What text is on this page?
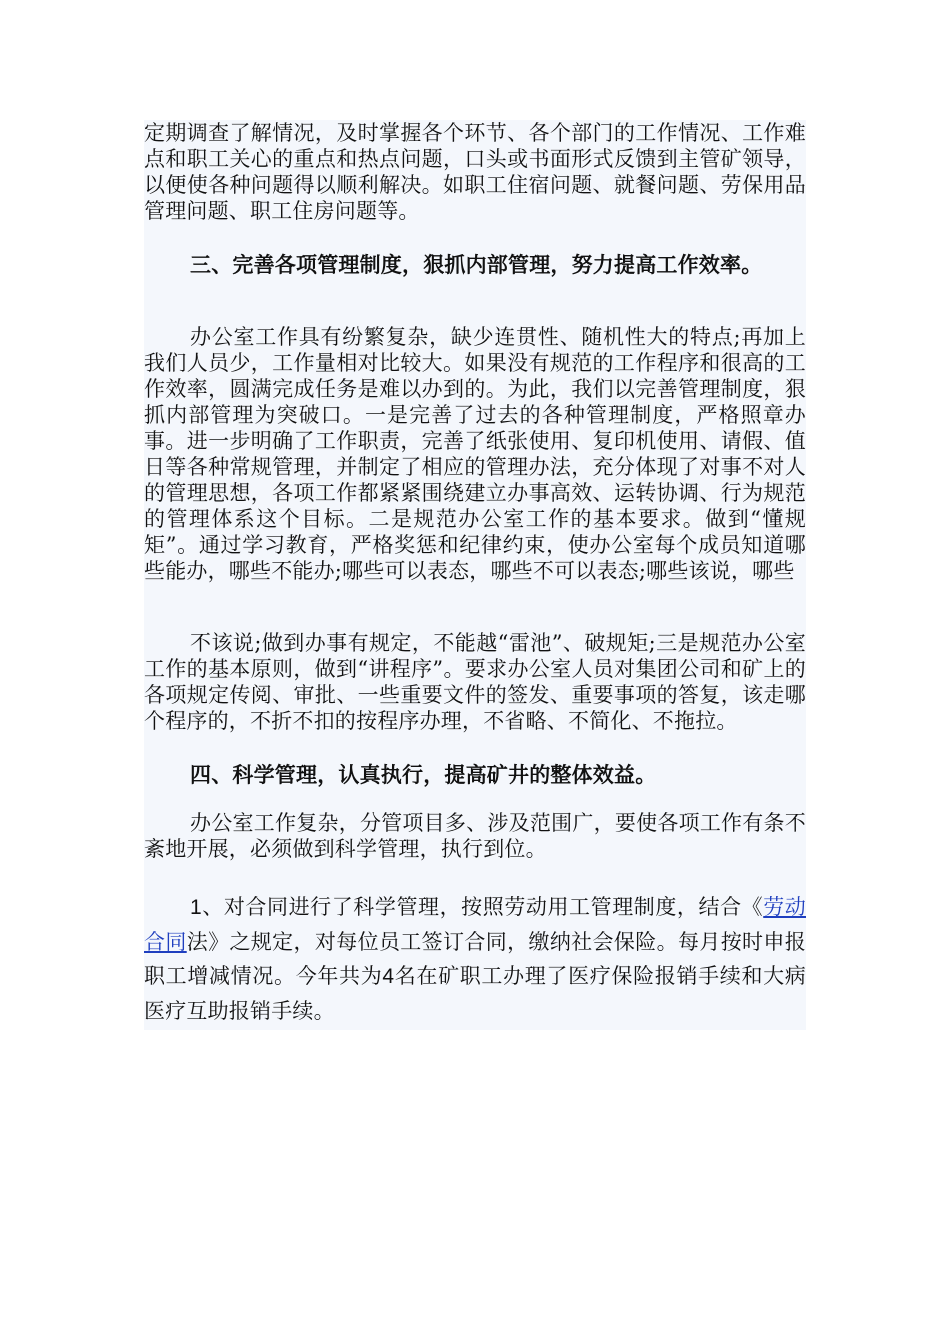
定期调查了解情况，及时掌握各个环节、各个部门的工作情况、工作难点和职工关心的重点和热点问题，口头或书面形式反馈到主管矿领导，以便使各种问题得以顺利解决。如职工住宿问题、就餐问题、劳保用品管理问题、职工住房问题等。

三、完善各项管理制度，狠抓内部管理，努力提高工作效率。

办公室工作具有纷繁复杂，缺少连贯性、随机性大的特点;再加上我们人员少，工作量相对比较大。如果没有规范的工作程序和很高的工作效率，圆满完成任务是难以办到的。为此，我们以完善管理制度，狠抓内部管理为突破口。一是完善了过去的各种管理制度，严格照章办事。进一步明确了工作职责，完善了纸张使用、复印机使用、请假、值日等各种常规管理，并制定了相应的管理办法，充分体现了对事不对人的管理思想，各项工作都紧紧围绕建立办事高效、运转协调、行为规范的管理体系这个目标。二是规范办公室工作的基本要求。做到“懂规矩”。通过学习教育，严格奖惩和纪律约束，使办公室每个成员知道哪些能办，哪些不能办;哪些可以表态，哪些不可以表态;哪些该说，哪些

不该说;做到办事有规定，不能越“雷池”、破规矩;三是规范办公室工作的基本原则，做到“讲程序”。要求办公室人员对集团公司和矿上的各项规定传阅、审批、一些重要文件的签发、重要事项的答复，该走哪个程序的，不折不扣的按程序办理，不省略、不简化、不拖拉。

四、科学管理，认真执行，提高矿井的整体效益。

办公室工作复杂，分管项目多、涉及范围广，要使各项工作有条不紊地开展，必须做到科学管理，执行到位。

1、对合同进行了科学管理，按照劳动用工管理制度，结合《劳动合同法》之规定，对每位员工签订合同，缴纳社会保险。每月按时申报职工增减情况。今年共为4名在矿职工办理了医疗保险报销手续和大病医疗互助报销手续。
